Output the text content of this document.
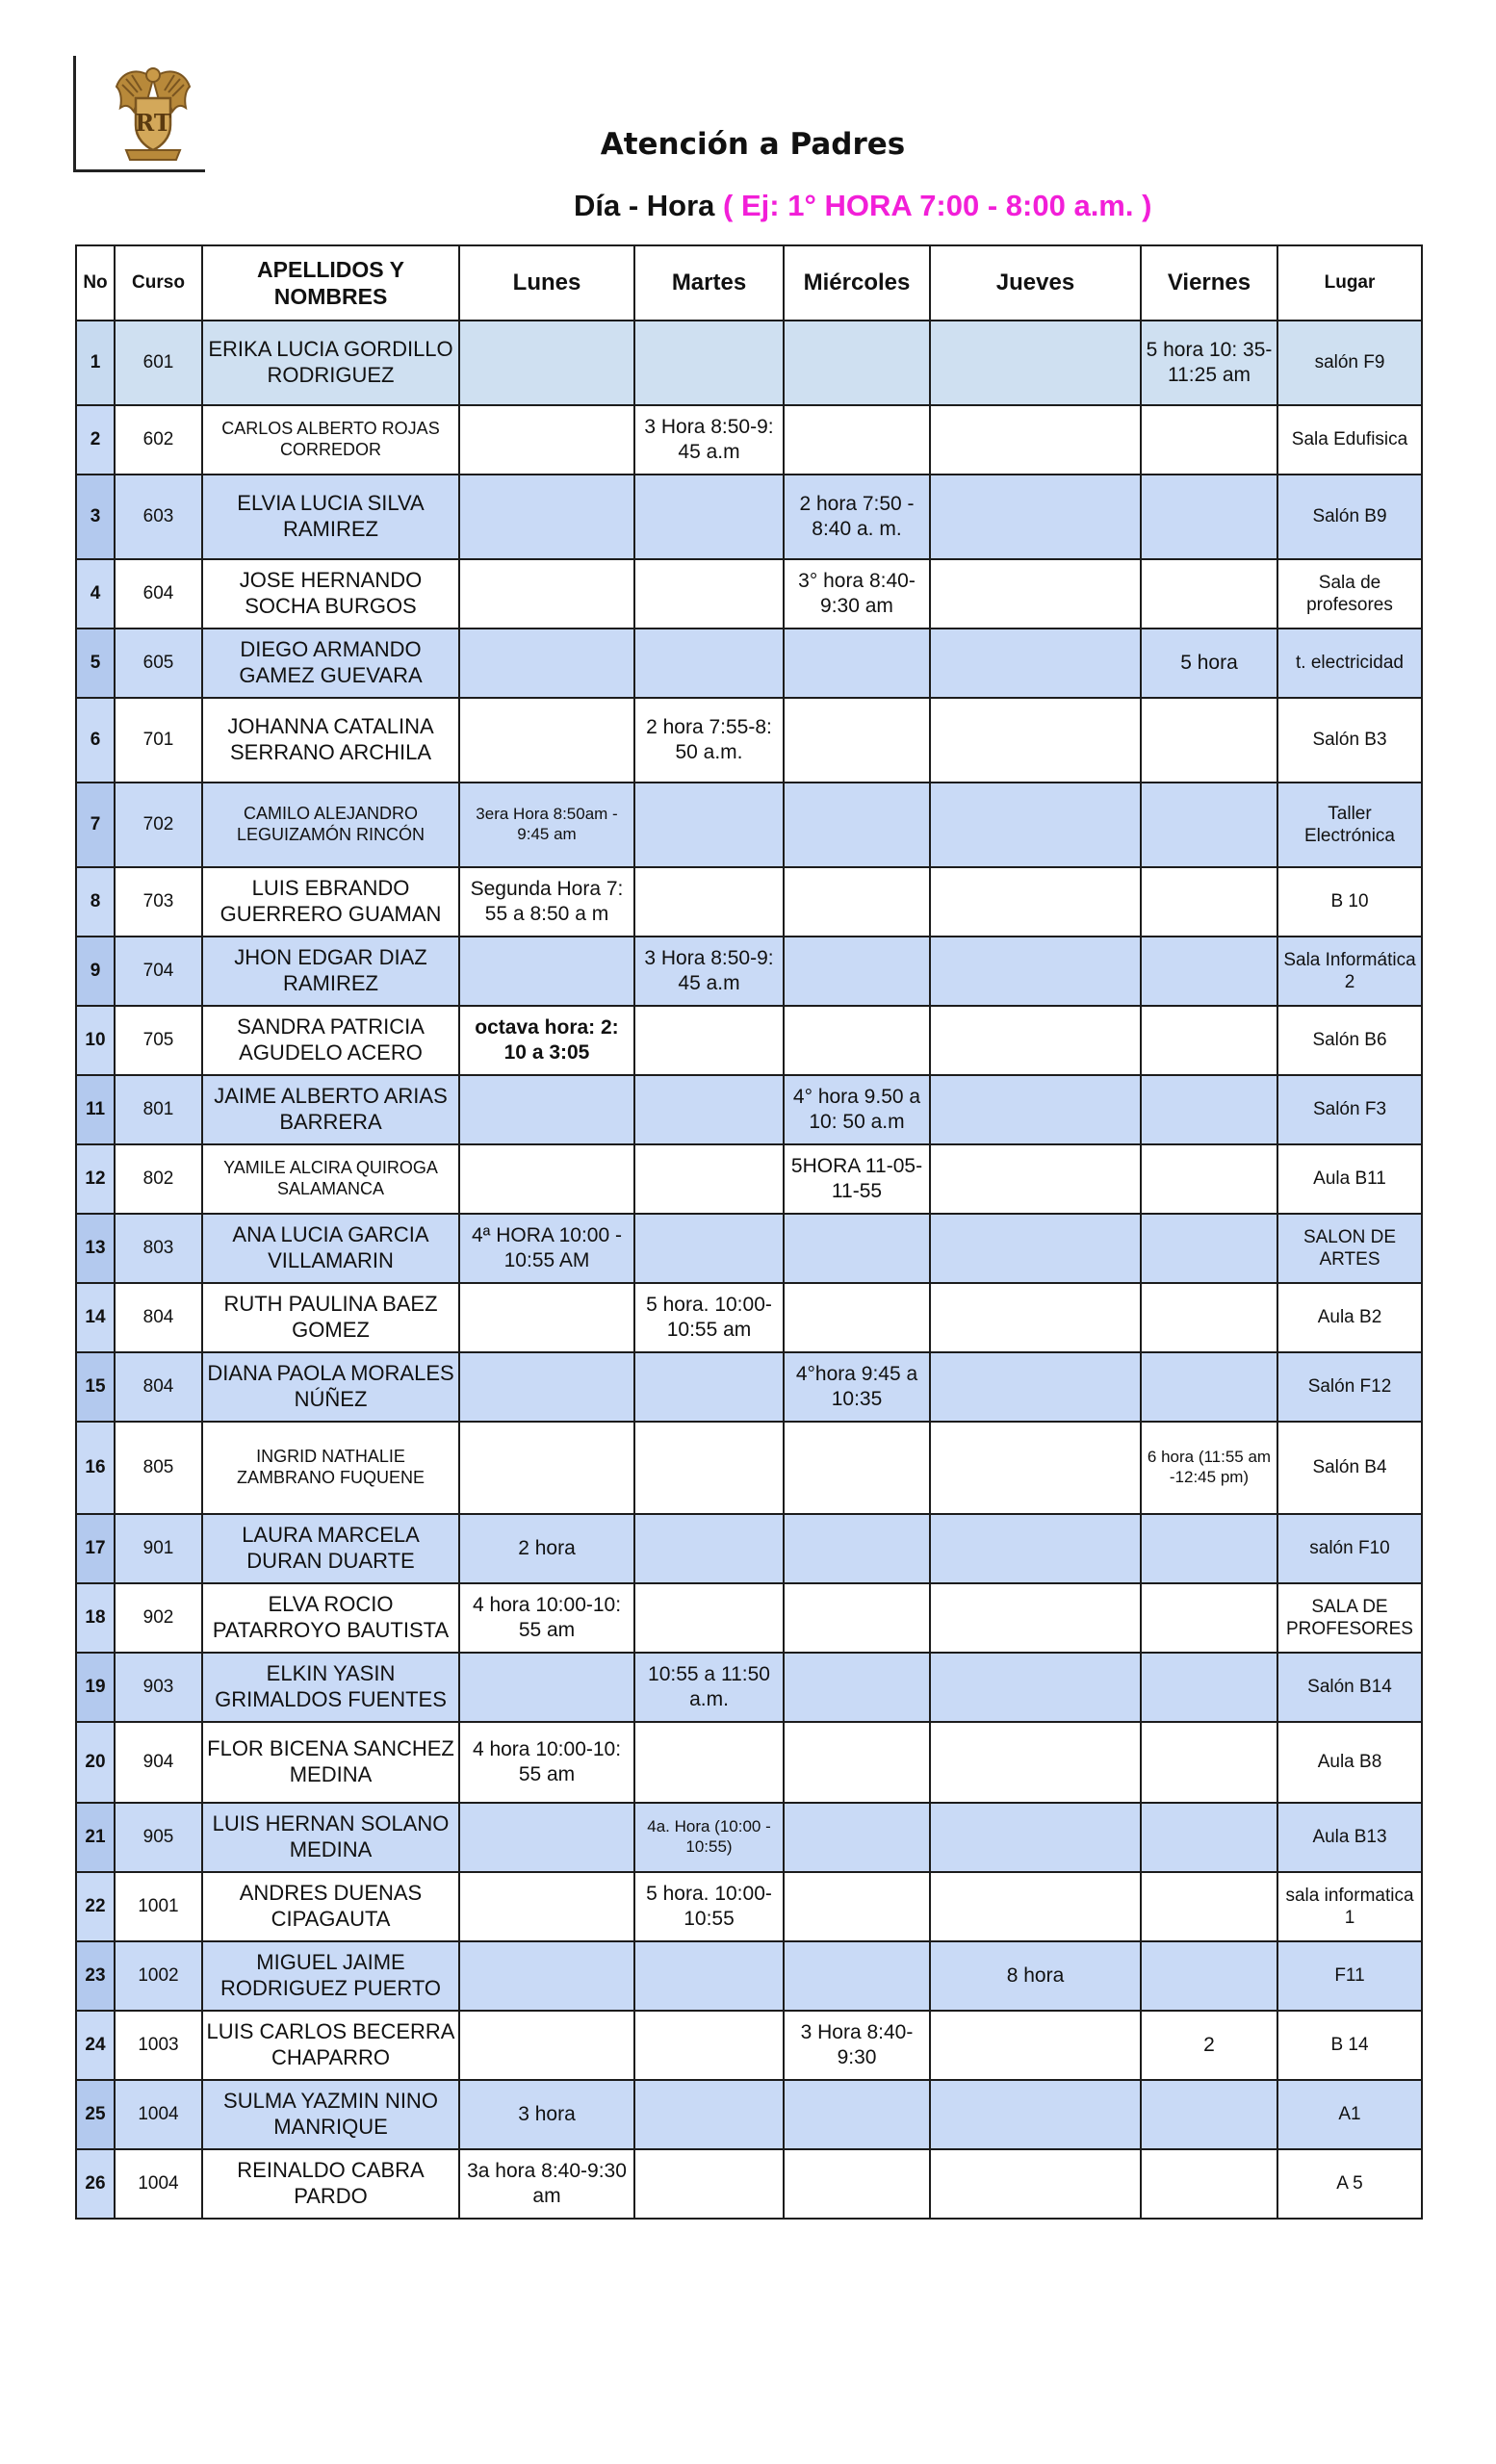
RT
Atención a Padres
Día - Hora ( Ej: 1° HORA 7:00 - 8:00 a.m. )
No	Curso	APELLIDOS Y NOMBRES	Lunes	Martes	Miércoles	Jueves	Viernes	Lugar
1	601	ERIKA LUCIA GORDILLO RODRIGUEZ					5 hora 10: 35-11:25 am	salón F9
2	602	CARLOS ALBERTO ROJAS CORREDOR		3 Hora 8:50-9: 45 a.m				Sala Edufisica
3	603	ELVIA LUCIA SILVA RAMIREZ			2 hora 7:50 - 8:40 a. m.			Salón B9
4	604	JOSE HERNANDO SOCHA BURGOS			3° hora 8:40-9:30 am			Sala de profesores
5	605	DIEGO ARMANDO GAMEZ GUEVARA					5 hora	t. electricidad
6	701	JOHANNA CATALINA SERRANO ARCHILA		2 hora 7:55-8: 50 a.m.				Salón B3
7	702	CAMILO ALEJANDRO LEGUIZAMÓN RINCÓN	3era Hora 8:50am - 9:45 am					Taller Electrónica
8	703	LUIS EBRANDO GUERRERO GUAMAN	Segunda Hora 7: 55 a 8:50 a m					B 10
9	704	JHON EDGAR DIAZ RAMIREZ		3 Hora 8:50-9: 45 a.m				Sala Informática 2
10	705	SANDRA PATRICIA AGUDELO ACERO	octava hora: 2: 10 a 3:05					Salón B6
11	801	JAIME ALBERTO ARIAS BARRERA			4° hora 9.50 a 10: 50 a.m			Salón F3
12	802	YAMILE ALCIRA QUIROGA SALAMANCA			5HORA 11-05-11-55			Aula B11
13	803	ANA LUCIA GARCIA VILLAMARIN	4ª HORA 10:00 - 10:55 AM					SALON DE ARTES
14	804	RUTH PAULINA BAEZ GOMEZ		5 hora. 10:00- 10:55 am				Aula B2
15	804	DIANA PAOLA MORALES NÚÑEZ			4°hora 9:45 a 10:35			Salón F12
16	805	INGRID NATHALIE ZAMBRANO FUQUENE					6 hora (11:55 am -12:45 pm)	Salón B4
17	901	LAURA MARCELA DURAN DUARTE	2 hora					salón F10
18	902	ELVA ROCIO PATARROYO BAUTISTA	4 hora 10:00-10: 55 am					SALA DE PROFESORES
19	903	ELKIN YASIN GRIMALDOS FUENTES		10:55 a 11:50 a.m.				Salón B14
20	904	FLOR BICENA SANCHEZ MEDINA	4 hora 10:00-10: 55 am					Aula B8
21	905	LUIS HERNAN SOLANO MEDINA		4a. Hora (10:00 - 10:55)				Aula B13
22	1001	ANDRES DUENAS CIPAGAUTA		5 hora. 10:00- 10:55				sala informatica 1
23	1002	MIGUEL JAIME RODRIGUEZ PUERTO				8 hora		F11
24	1003	LUIS CARLOS BECERRA CHAPARRO			3 Hora 8:40- 9:30		2	B 14
25	1004	SULMA YAZMIN NINO MANRIQUE	3 hora					A1
26	1004	REINALDO CABRA PARDO	3a hora 8:40-9:30 am					A 5
